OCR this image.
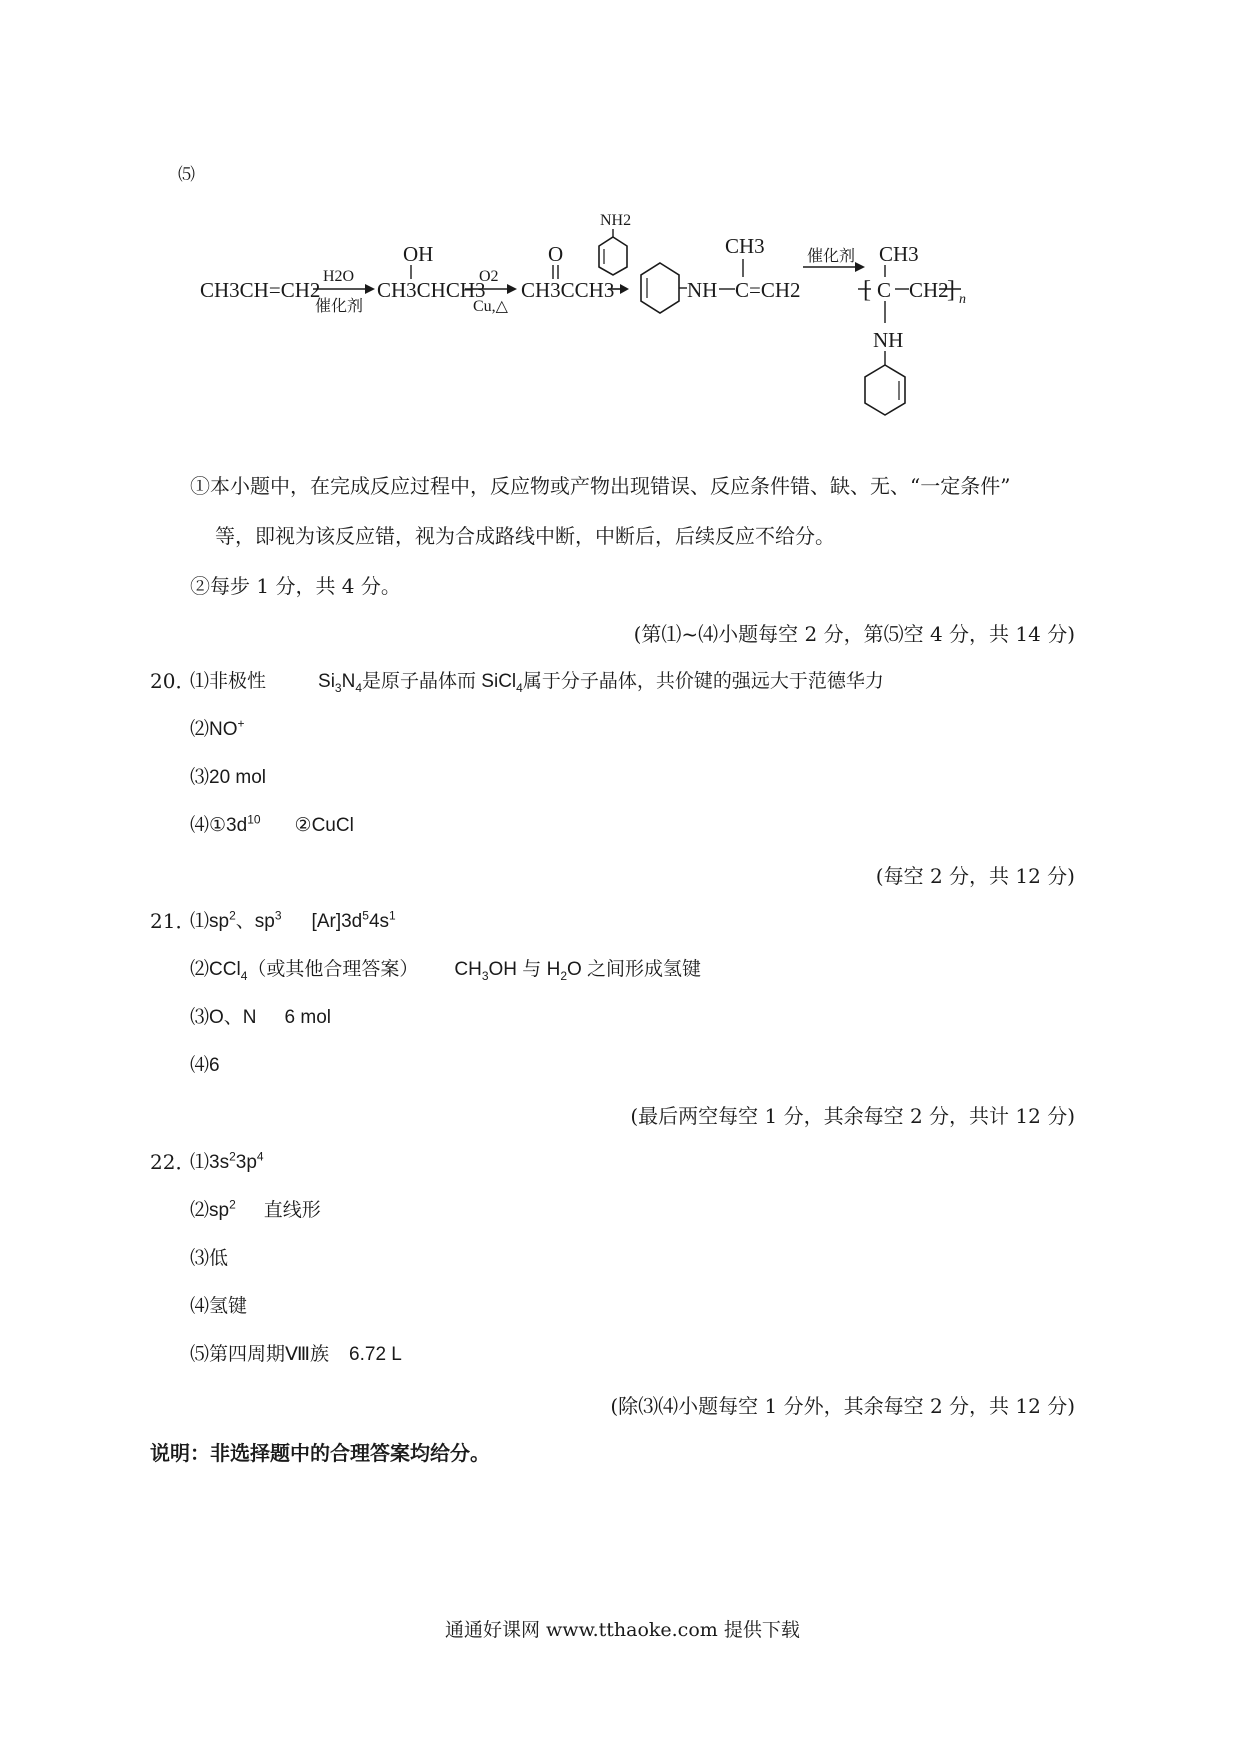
⑸
CH3CH=CH2
H2O
催化剂
OH
CH3CHCH3
O2
Cu,△
O
CH3CCH3
NH2
NH
CH3
C=CH2
催化剂 CH3
[ C CH2
] n
NH
①本小题中，在完成反应过程中，反应物或产物出现错误、反应条件错、缺、无、“一定条件”
等，即视为该反应错，视为合成路线中断，中断后，后续反应不给分。
②每步 1 分，共 4 分。
(第⑴~⑷小题每空 2 分，第⑸空 4 分，共 14 分)
20．
⑴非极性	$Si_3N_4$是原子晶体而 SiCl$_4$属于分子晶体，共价键的强远大于范德华力
⑵NO+
⑶20 mol
$⑷①3d^{10}$ ②CuCl
(每空 2 分，共 12 分)
21．
$⑴sp^2$、$sp^3$ $[Ar]3d^54s^1$
⑵CCl$_4$（或其他合理答案） $CH_3OH$ 与 $H_2O$ 之间形成氢键
⑶O、N 6 mol
⑷6
(最后两空每空 1 分，其余每空 2 分，共计 12 分)
22．
$⑴3s^23p^4$
$⑵sp^2$ 直线形
⑶低
⑷氢键
⑸第四周期Ⅷ族 6.72 L
(除⑶⑷小题每空 1 分外，其余每空 2 分，共 12 分)
说明：非选择题中的合理答案均给分。
通通好课网 www.tthaoke.com 提供下载
